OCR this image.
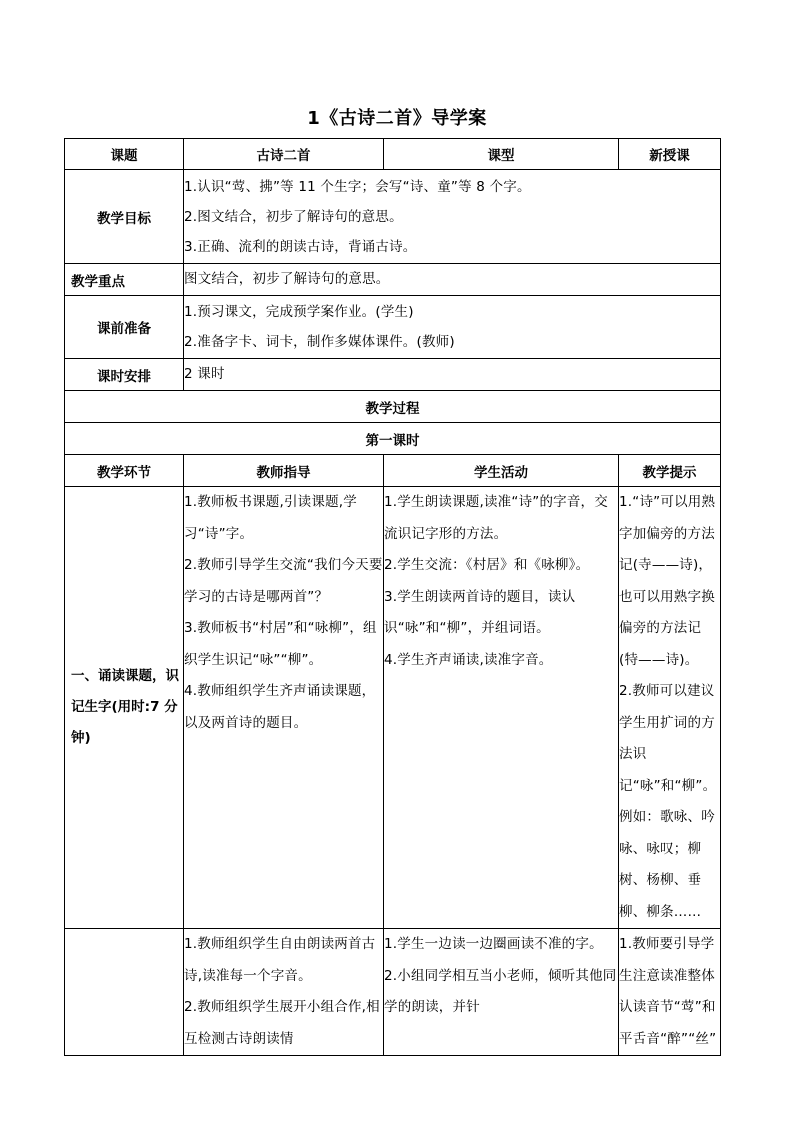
1《古诗二首》导学案
课题	古诗二首	课型	新授课
教学目标	1.认识“莺、拂”等 11 个生字；会写“诗、童”等 8 个字。
2.图文结合，初步了解诗句的意思。
3.正确、流利的朗读古诗，背诵古诗。		

教学重点	图文结合，初步了解诗句的意思。		
课前准备	1.预习课文，完成预学案作业。(学生)
2.准备字卡、词卡，制作多媒体课件。(教师)		

课时安排	2 课时		
教学过程			
第一课时			
教学环节	教师指导	学生活动	教学提示
一、诵读课题，识记生字(用时:7 分钟)	1.教师板书课题,引读课题,学习“诗”字。
2.教师引导学生交流“我们今天要学习的古诗是哪两首”？
3.教师板书“村居”和“咏柳”，组织学生识记“咏”“柳”。
4.教师组织学生齐声诵读课题，以及两首诗的题目。	1.学生朗读课题,读准“诗”的字音，交流识记字形的方法。
2.学生交流：《村居》和《咏柳》。
3.学生朗读两首诗的题目，读认识“咏”和“柳”，并组词语。
4.学生齐声诵读,读准字音。	1.“诗”可以用熟字加偏旁的方法记(寺——诗)，也可以用熟字换偏旁的方法记(特——诗)。
2.教师可以建议学生用扩词的方法识记“咏”和“柳”。
例如：歌咏、吟咏、咏叹；柳树、杨柳、垂柳、柳条……

	1.教师组织学生自由朗读两首古诗,读准每一个字音。
2.教师组织学生展开小组合作,相互检测古诗朗读情	1.学生一边读一边圈画读不准的字。
2.小组同学相互当小老师，倾听其他同学的朗读，并针	1.教师要引导学生注意读准整体认读音节“莺”和平舌音“醉”“丝”
